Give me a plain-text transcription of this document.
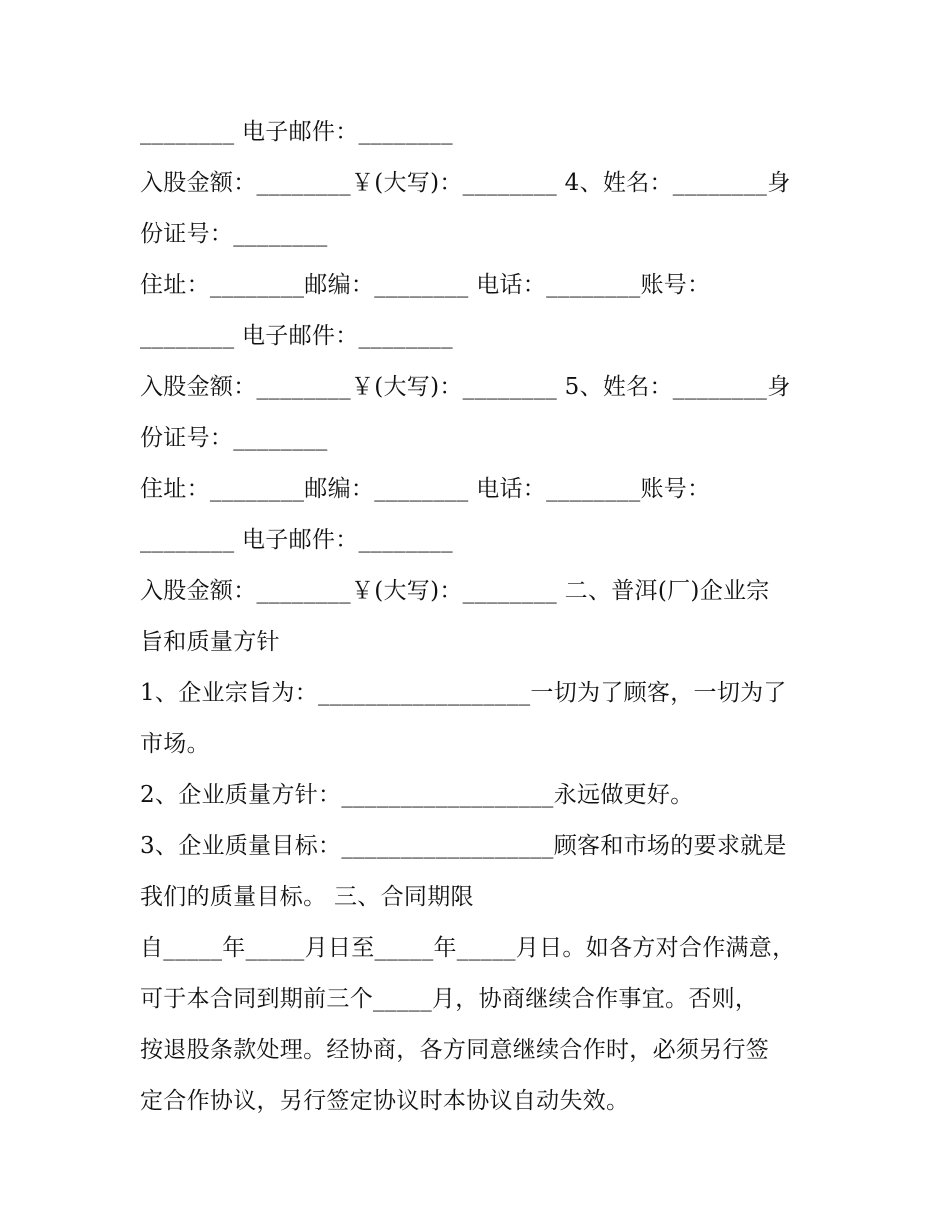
________ 电子邮件：________
入股金额：________￥(大写)：________ 4、姓名：________身
份证号：________
住址：________邮编：________ 电话：________账号：
________ 电子邮件：________
入股金额：________￥(大写)：________ 5、姓名：________身
份证号：________
住址：________邮编：________ 电话：________账号：
________ 电子邮件：________
入股金额：________￥(大写)：________ 二、普洱(厂)企业宗
旨和质量方针
1、企业宗旨为：__________________一切为了顾客，一切为了
市场。
2、企业质量方针：__________________永远做更好。
3、企业质量目标：__________________顾客和市场的要求就是
我们的质量目标。 三、合同期限
自_____年_____月日至_____年_____月日。如各方对合作满意，
可于本合同到期前三个_____月，协商继续合作事宜。否则，
按退股条款处理。经协商，各方同意继续合作时，必须另行签
定合作协议，另行签定协议时本协议自动失效。
